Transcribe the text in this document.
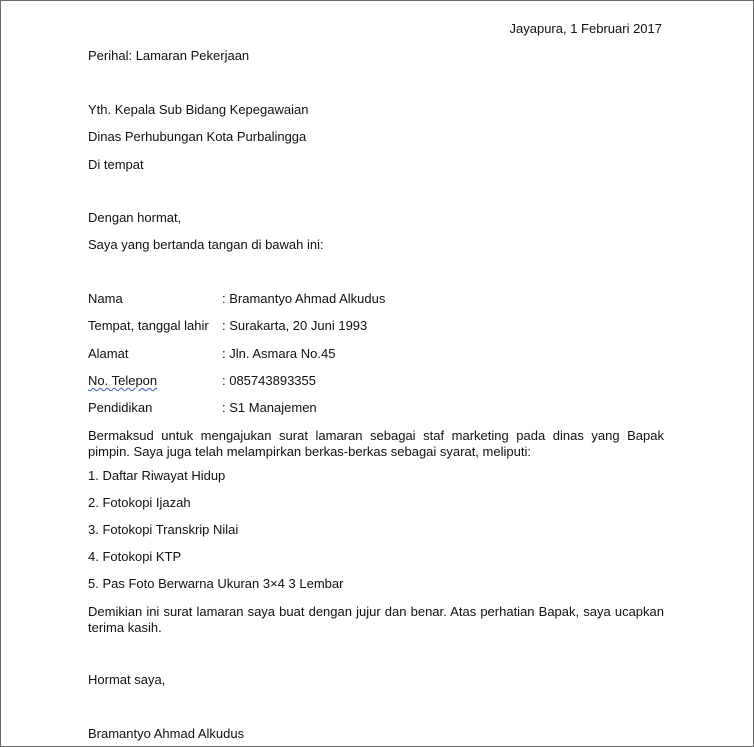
Jayapura, 1 Februari 2017
Perihal: Lamaran Pekerjaan
Yth. Kepala Sub Bidang Kepegawaian
Dinas Perhubungan Kota Purbalingga
Di tempat
Dengan hormat,
Saya yang bertanda tangan di bawah ini:
Nama	: Bramantyo Ahmad Alkudus
Tempat, tanggal lahir : Surakarta, 20 Juni 1993
Alamat	: Jln. Asmara No.45
No. Telepon	: 085743893355
Pendidikan	: S1 Manajemen
Bermaksud untuk mengajukan surat lamaran sebagai staf marketing pada dinas yang Bapak pimpin. Saya juga telah melampirkan berkas-berkas sebagai syarat, meliputi:
1. Daftar Riwayat Hidup
2. Fotokopi Ijazah
3. Fotokopi Transkrip Nilai
4. Fotokopi KTP
5. Pas Foto Berwarna Ukuran 3×4 3 Lembar
Demikian ini surat lamaran saya buat dengan jujur dan benar. Atas perhatian Bapak, saya ucapkan terima kasih.
Hormat saya,
Bramantyo Ahmad Alkudus
